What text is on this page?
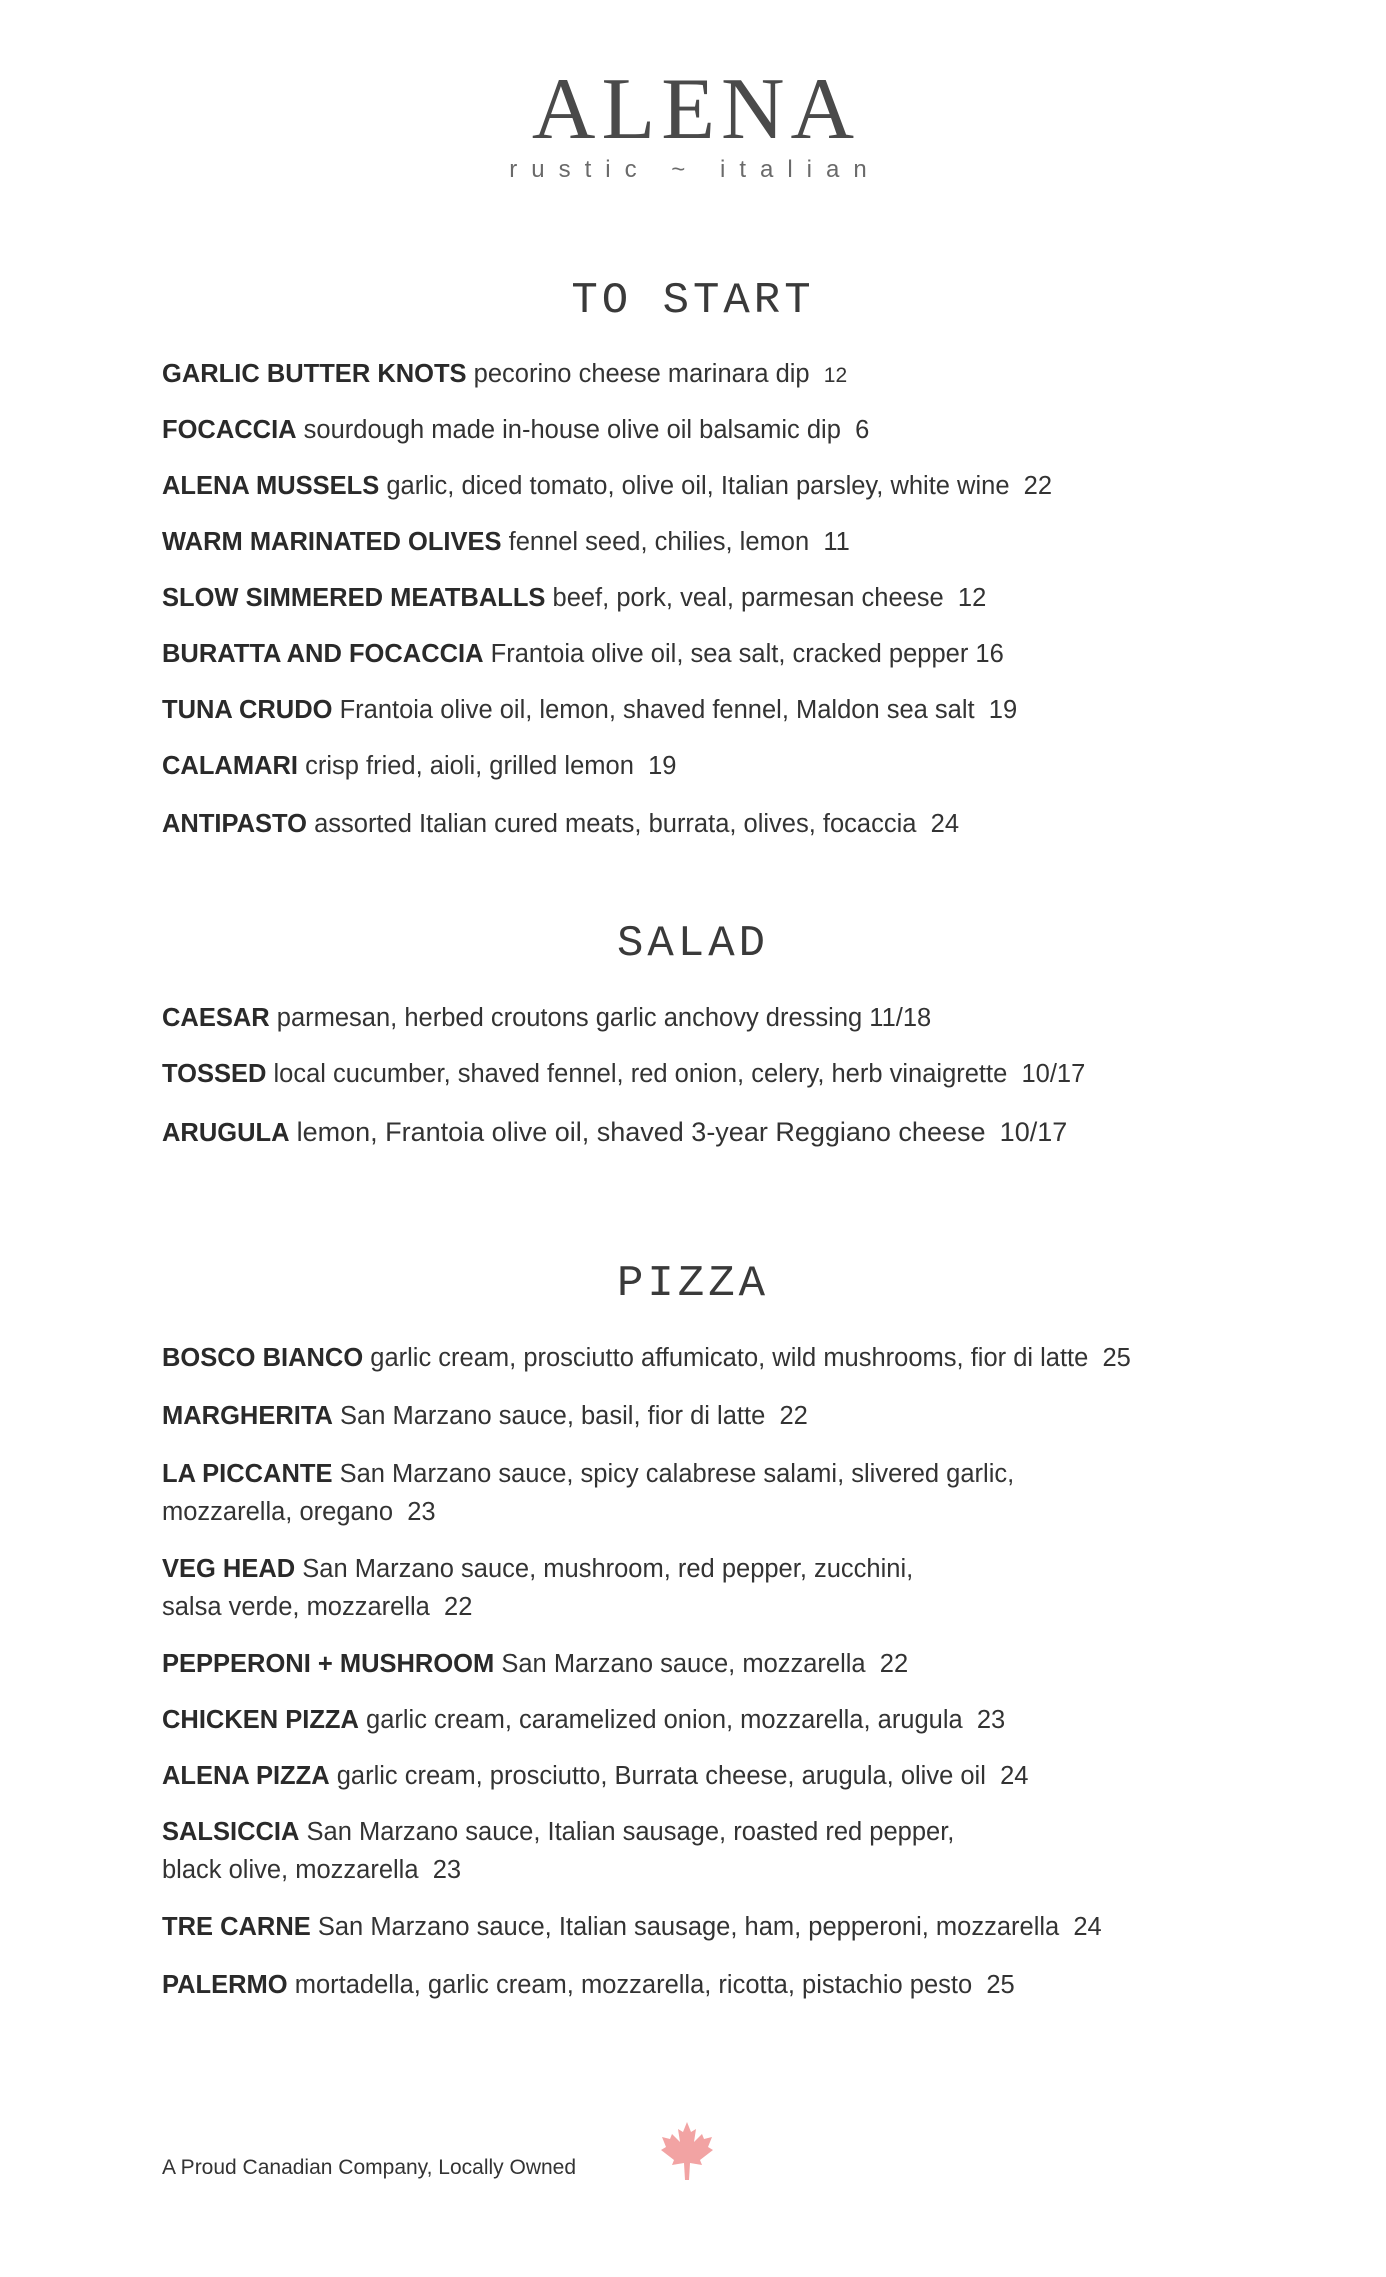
ALENA
rustic ~ italian
TO START
GARLIC BUTTER KNOTS pecorino cheese marinara dip 12
FOCACCIA sourdough made in-house olive oil balsamic dip 6
ALENA MUSSELS garlic, diced tomato, olive oil, Italian parsley, white wine 22
WARM MARINATED OLIVES fennel seed, chilies, lemon 11
SLOW SIMMERED MEATBALLS beef, pork, veal, parmesan cheese 12
BURATTA AND FOCACCIA Frantoia olive oil, sea salt, cracked pepper 16
TUNA CRUDO Frantoia olive oil, lemon, shaved fennel, Maldon sea salt 19
CALAMARI crisp fried, aioli, grilled lemon 19
ANTIPASTO assorted Italian cured meats, burrata, olives, focaccia 24
SALAD
CAESAR parmesan, herbed croutons garlic anchovy dressing 11/18
TOSSED local cucumber, shaved fennel, red onion, celery, herb vinaigrette 10/17
ARUGULA lemon, Frantoia olive oil, shaved 3-year Reggiano cheese 10/17
PIZZA
BOSCO BIANCO garlic cream, prosciutto affumicato, wild mushrooms, fior di latte 25
MARGHERITA San Marzano sauce, basil, fior di latte 22
LA PICCANTE San Marzano sauce, spicy calabrese salami, slivered garlic,
mozzarella, oregano 23
VEG HEAD San Marzano sauce, mushroom, red pepper, zucchini,
salsa verde, mozzarella 22
PEPPERONI + MUSHROOM San Marzano sauce, mozzarella 22
CHICKEN PIZZA garlic cream, caramelized onion, mozzarella, arugula 23
ALENA PIZZA garlic cream, prosciutto, Burrata cheese, arugula, olive oil 24
SALSICCIA San Marzano sauce, Italian sausage, roasted red pepper,
black olive, mozzarella 23
TRE CARNE San Marzano sauce, Italian sausage, ham, pepperoni, mozzarella 24
PALERMO mortadella, garlic cream, mozzarella, ricotta, pistachio pesto 25
A Proud Canadian Company, Locally Owned
